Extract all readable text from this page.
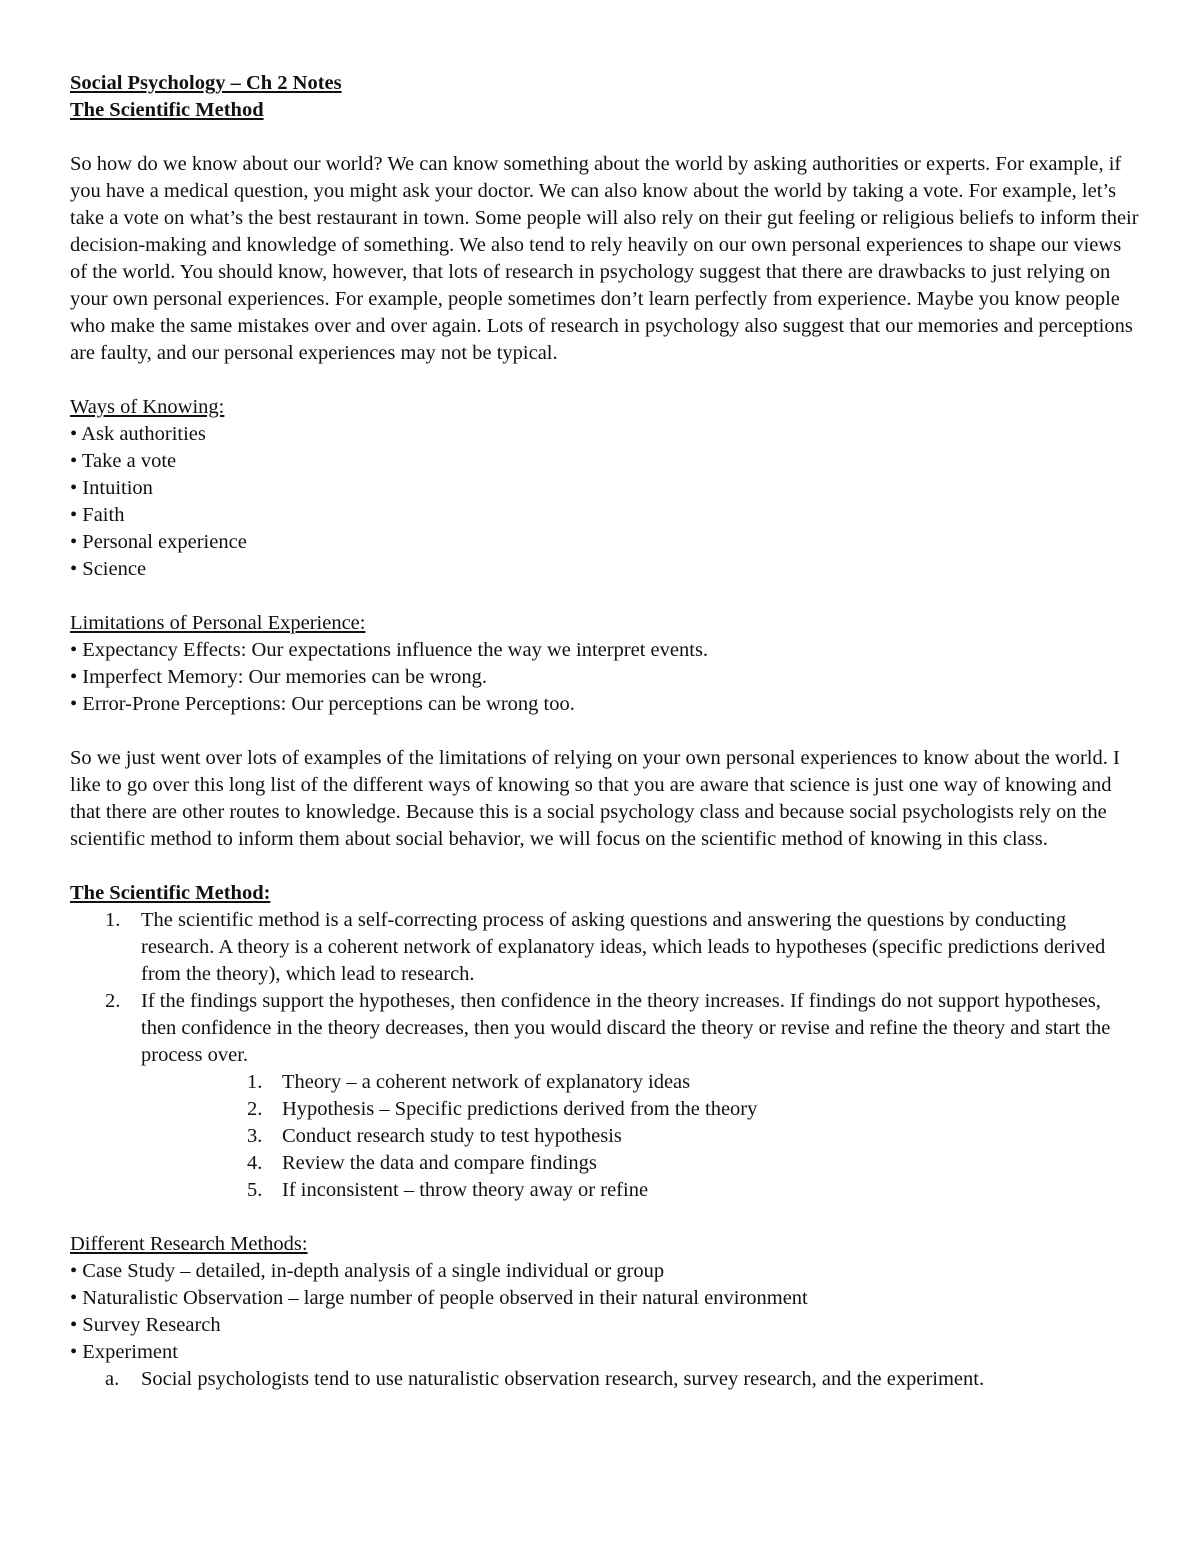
Social Psychology – Ch 2 Notes

The Scientific Method

So how do we know about our world? We can know something about the world by asking authorities or experts. For example, if you have a medical question, you might ask your doctor. We can also know about the world by taking a vote. For example, let’s take a vote on what’s the best restaurant in town. Some people will also rely on their gut feeling or religious beliefs to inform their decision-making and knowledge of something. We also tend to rely heavily on our own personal experiences to shape our views of the world. You should know, however, that lots of research in psychology suggest that there are drawbacks to just relying on your own personal experiences. For example, people sometimes don’t learn perfectly from experience. Maybe you know people who make the same mistakes over and over again. Lots of research in psychology also suggest that our memories and perceptions are faulty, and our personal experiences may not be typical.

Ways of Knowing:
• Ask authorities
• Take a vote
• Intuition
• Faith
• Personal experience
• Science
Limitations of Personal Experience:
• Expectancy Effects: Our expectations influence the way we interpret events.
• Imperfect Memory: Our memories can be wrong.
• Error-Prone Perceptions: Our perceptions can be wrong too.

So we just went over lots of examples of the limitations of relying on your own personal experiences to know about the world. I like to go over this long list of the different ways of knowing so that you are aware that science is just one way of knowing and that there are other routes to knowledge. Because this is a social psychology class and because social psychologists rely on the scientific method to inform them about social behavior, we will focus on the scientific method of knowing in this class.

The Scientific Method:
1. The scientific method is a self-correcting process of asking questions and answering the questions by conducting research. A theory is a coherent network of explanatory ideas, which leads to hypotheses (specific predictions derived from the theory), which lead to research.
2. If the findings support the hypotheses, then confidence in the theory increases. If findings do not support hypotheses, then confidence in the theory decreases, then you would discard the theory or revise and refine the theory and start the process over.
1. Theory – a coherent network of explanatory ideas
2. Hypothesis – Specific predictions derived from the theory
3. Conduct research study to test hypothesis
4. Review the data and compare findings
5. If inconsistent – throw theory away or refine
Different Research Methods:
• Case Study – detailed, in-depth analysis of a single individual or group
• Naturalistic Observation – large number of people observed in their natural environment
• Survey Research
• Experiment
a. Social psychologists tend to use naturalistic observation research, survey research, and the experiment.
